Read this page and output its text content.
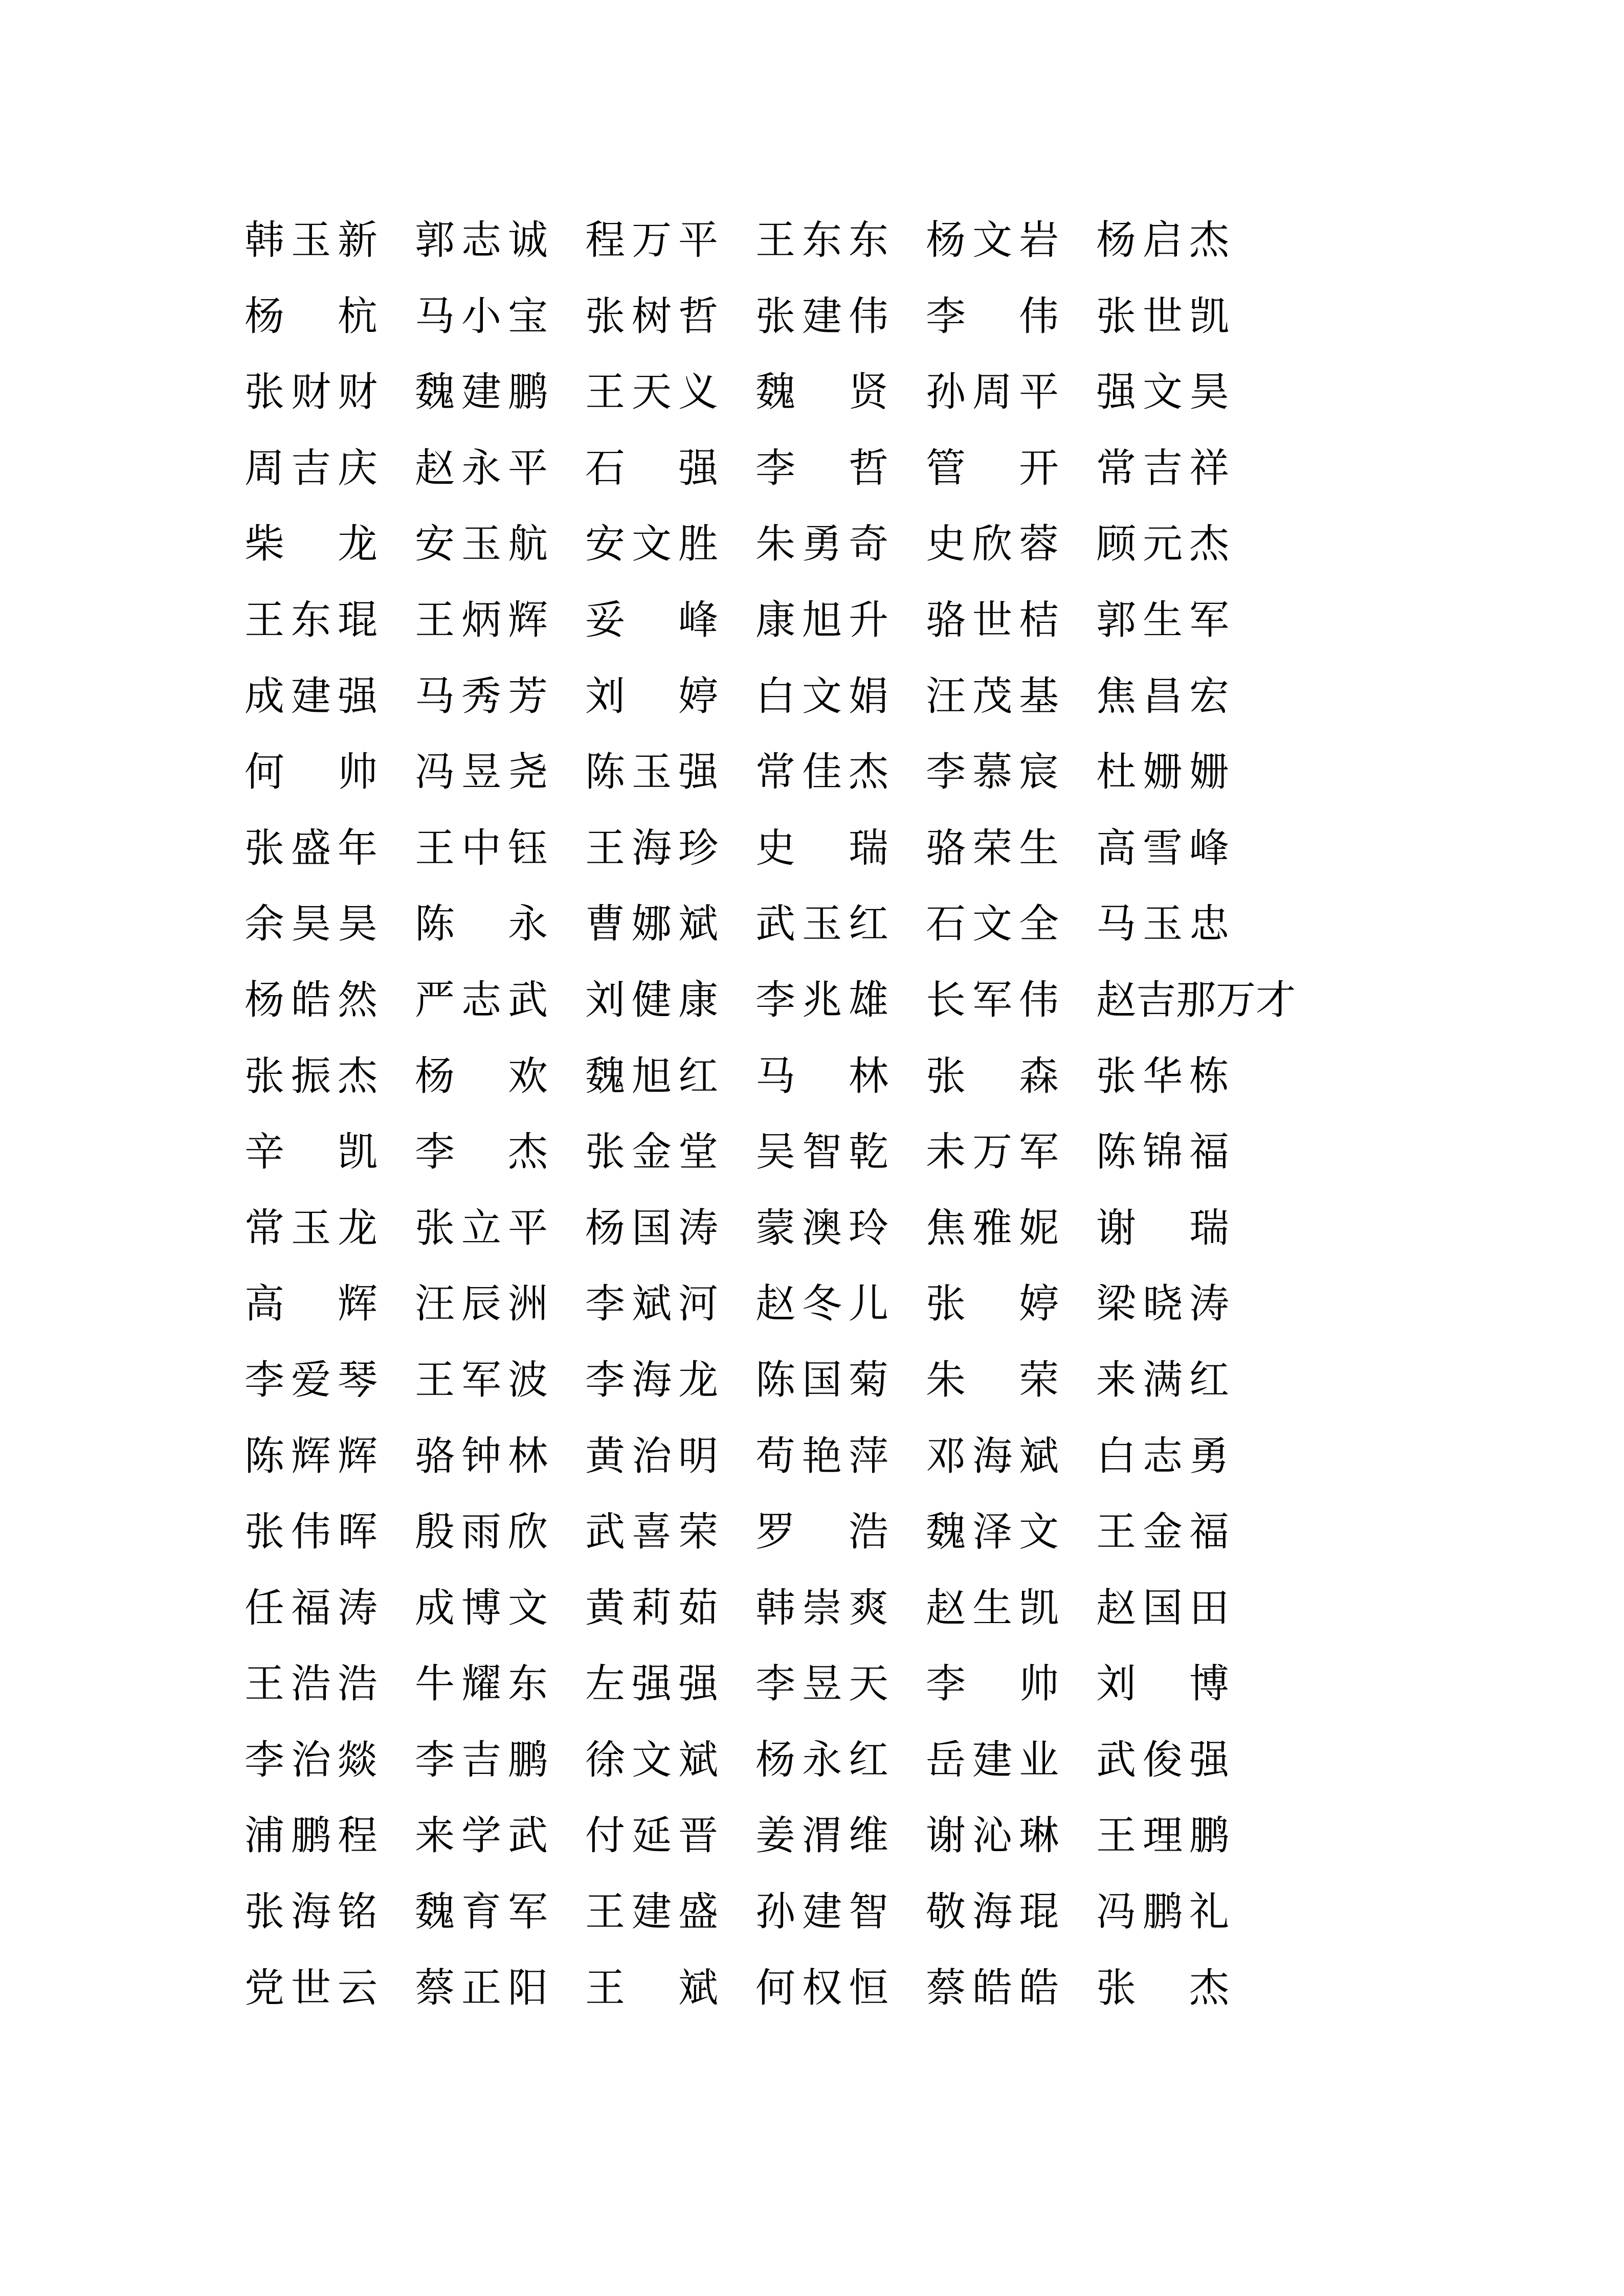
韩 玉 新 郭 志 诚 程 万 平 王 东 东 杨 文 岩 杨 启 杰
杨 杭 马 小 宝 张 树 哲 张 建 伟 李 伟 张 世 凯
张 财 财 魏 建 鹏 王 天 义 魏 贤 孙 周 平 强 文 昊
周 吉 庆 赵 永 平 石 强 李 哲 管 开 常 吉 祥
柴 龙 安 玉 航 安 文 胜 朱 勇 奇 史 欣 蓉 顾 元 杰
王 东 琨 王 炳 辉 妥 峰 康 旭 升 骆 世 桔 郭 生 军
成 建 强 马 秀 芳 刘 婷 白 文 娟 汪 茂 基 焦 昌 宏
何 帅 冯 昱 尧 陈 玉 强 常 佳 杰 李 慕 宸 杜 姗 姗
张 盛 年 王 中 钰 王 海 珍 史 瑞 骆 荣 生 高 雪 峰
余 昊 昊 陈 永 曹 娜 斌 武 玉 红 石 文 全 马 玉 忠
杨 皓 然 严 志 武 刘 健 康 李 兆 雄 长 军 伟 赵 吉 那 万 才
张 振 杰 杨 欢 魏 旭 红 马 林 张 森 张 华 栋
辛 凯 李 杰 张 金 堂 吴 智 乾 未 万 军 陈 锦 福
常 玉 龙 张 立 平 杨 国 涛 蒙 澳 玲 焦 雅 妮 谢 瑞
高 辉 汪 辰 洲 李 斌 河 赵 冬 儿 张 婷 梁 晓 涛
李 爱 琴 王 军 波 李 海 龙 陈 国 菊 朱 荣 来 满 红
陈 辉 辉 骆 钟 林 黄 治 明 苟 艳 萍 邓 海 斌 白 志 勇
张 伟 晖 殷 雨 欣 武 喜 荣 罗 浩 魏 泽 文 王 金 福
任 福 涛 成 博 文 黄 莉 茹 韩 崇 爽 赵 生 凯 赵 国 田
王 浩 浩 牛 耀 东 左 强 强 李 昱 天 李 帅 刘 博
李 治 燚 李 吉 鹏 徐 文 斌 杨 永 红 岳 建 业 武 俊 强
浦 鹏 程 来 学 武 付 延 晋 姜 渭 维 谢 沁 琳 王 理 鹏
张 海 铭 魏 育 军 王 建 盛 孙 建 智 敬 海 琨 冯 鹏 礼
党 世 云 蔡 正 阳 王 斌 何 权 恒 蔡 皓 皓 张 杰
